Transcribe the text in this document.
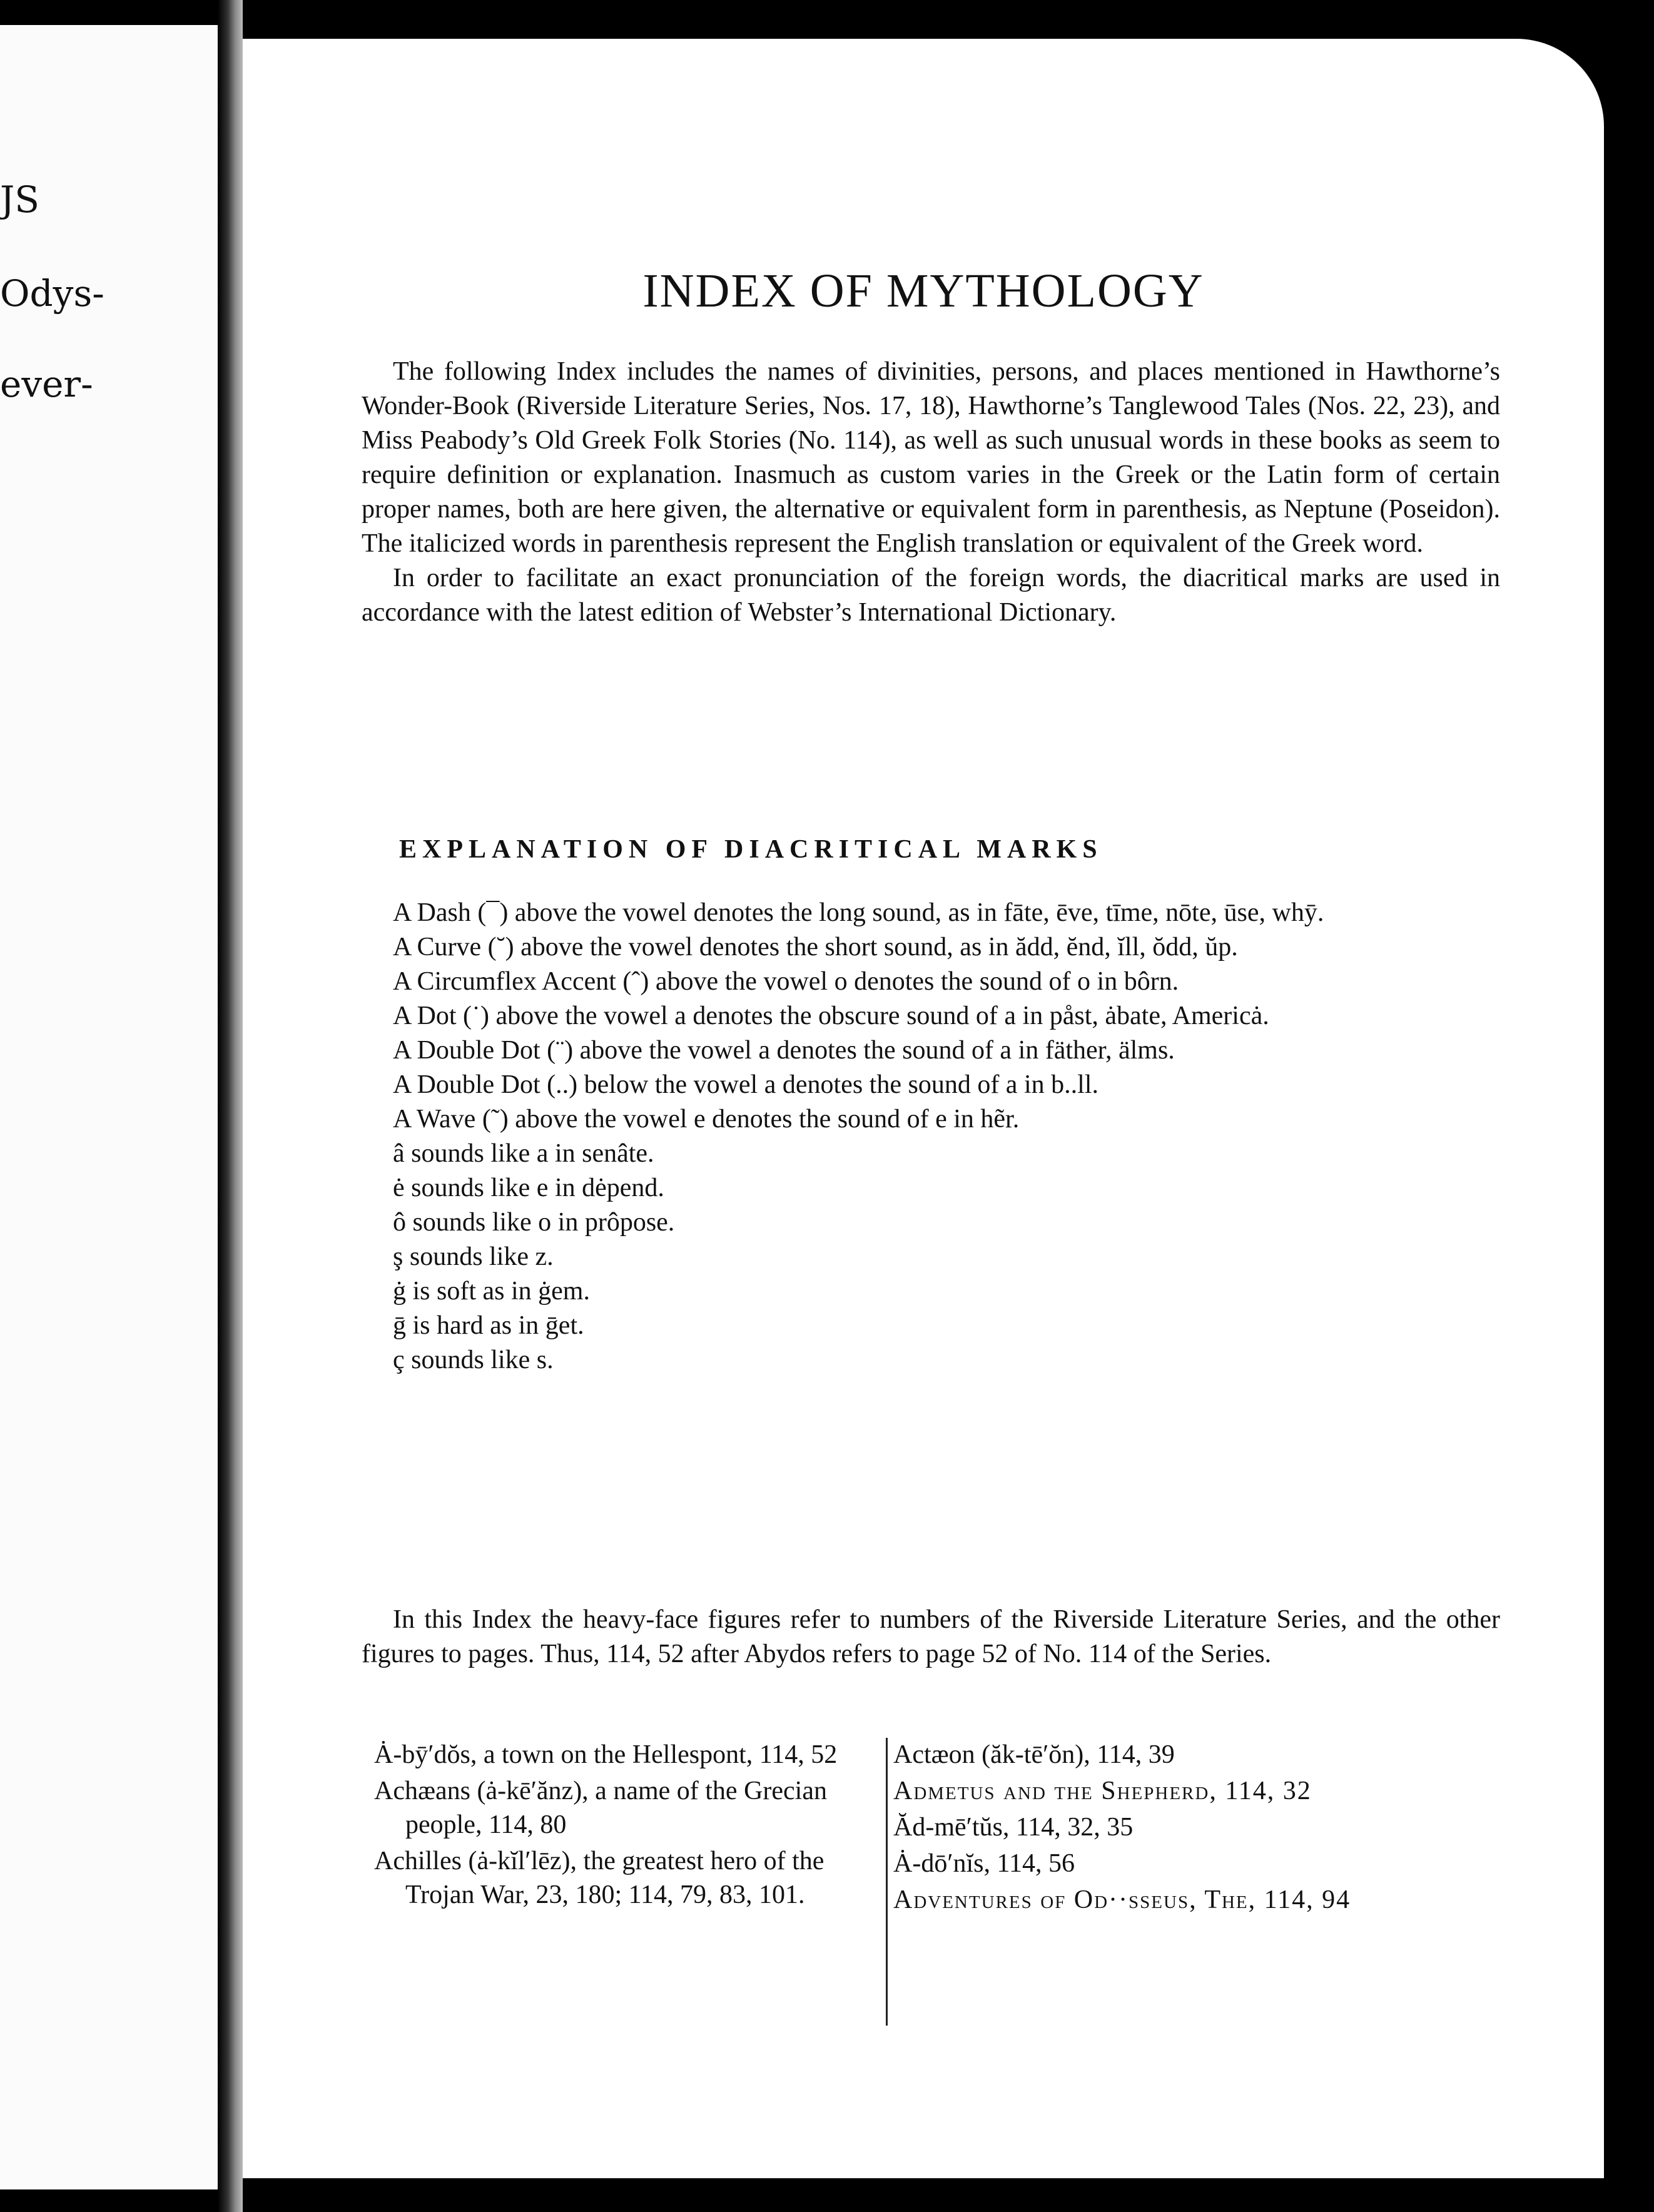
JS
Odys-
ever-
INDEX OF MYTHOLOGY

The following Index includes the names of divinities, persons, and places mentioned in Hawthorne’s Wonder-Book (Riverside Literature Series, Nos. 17, 18), Hawthorne’s Tanglewood Tales (Nos. 22, 23), and Miss Peabody’s Old Greek Folk Stories (No. 114), as well as such unusual words in these books as seem to require definition or explanation. Inasmuch as custom varies in the Greek or the Latin form of certain proper names, both are here given, the alternative or equivalent form in parenthesis, as Neptune (Poseidon). The italicized words in parenthesis represent the English translation or equivalent of the Greek word.

In order to facilitate an exact pronunciation of the foreign words, the diacritical marks are used in accordance with the latest edition of Webster’s International Dictionary.

EXPLANATION OF DIACRITICAL MARKS

A Dash (¯) above the vowel denotes the long sound, as in fāte, ēve, tīme, nōte, ūse, whȳ.

A Curve (˘) above the vowel denotes the short sound, as in ădd, ĕnd, ĭll, ŏdd, ŭp.

A Circumflex Accent (ˆ) above the vowel o denotes the sound of o in bôrn.

A Dot (˙) above the vowel a denotes the obscure sound of a in påst, ȧbate, Americȧ.

A Double Dot (¨) above the vowel a denotes the sound of a in fäther, älms.

A Double Dot (..) below the vowel a denotes the sound of a in b..ll.

A Wave (˜) above the vowel e denotes the sound of e in hẽr.

â sounds like a in senâte.

ė sounds like e in dėpend.

ô sounds like o in prôpose.

ş sounds like z.

ġ is soft as in ġem.

ḡ is hard as in ḡet.

ç sounds like s.

In this Index the heavy-face figures refer to numbers of the Riverside Literature Series, and the other figures to pages. Thus, 114, 52 after Abydos refers to page 52 of No. 114 of the Series.

Ȧ-bȳ′dŏs, a town on the Hellespont, 114, 52

Achæans (ȧ-kē′ănz), a name of the Grecian people, 114, 80

Achilles (ȧ-kĭl′lēz), the greatest hero of the Trojan War, 23, 180; 114, 79, 83, 101.

Actæon (ăk-tē′ŏn), 114, 39

Admetus and the Shepherd, 114, 32

Ăd-mē′tŭs, 114, 32, 35

Ȧ-dō′nĭs, 114, 56

Adventures of Od··sseus, The, 114, 94
